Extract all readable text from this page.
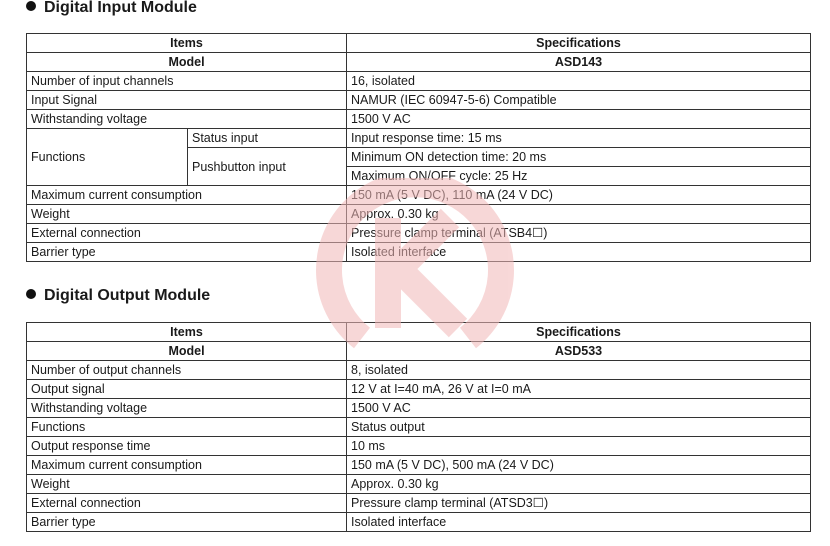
Digital Input Module
Items		Specifications
Model		ASD143
Number of input channels		16, isolated
Input Signal		NAMUR (IEC 60947-5-6) Compatible
Withstanding voltage		1500 V AC
Functions	Status input	Input response time: 15 ms
	Pushbutton input	Minimum ON detection time: 20 ms
		Maximum ON/OFF cycle: 25 Hz
Maximum current consumption		150 mA (5 V DC), 110 mA (24 V DC)
Weight		Approx. 0.30 kg
External connection		Pressure clamp terminal (ATSB4☐)
Barrier type		Isolated interface
Digital Output Module
Items	Specifications
Model	ASD533
Number of output channels	8, isolated
Output signal	12 V at I=40 mA, 26 V at I=0 mA
Withstanding voltage	1500 V AC
Functions	Status output
Output response time	10 ms
Maximum current consumption	150 mA (5 V DC), 500 mA (24 V DC)
Weight	Approx. 0.30 kg
External connection	Pressure clamp terminal (ATSD3☐)
Barrier type	Isolated interface
